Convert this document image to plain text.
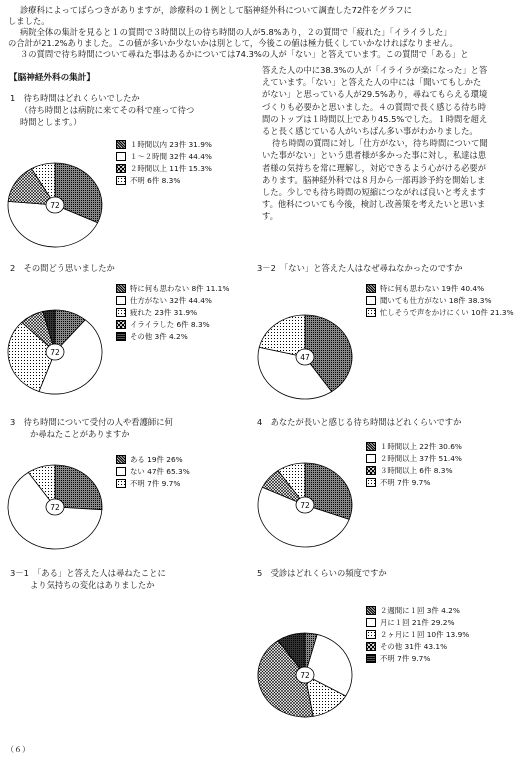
診療科によってばらつきがありますが，診療科の１例として脳神経外科について調査した72件をグラフに
しました。
病院全体の集計を見ると１の質問で３時間以上の待ち時間の人が5.8%あり，２の質問で「疲れた」「イライラした」
の合計が21.2%ありました。この値が多いか少ないかは別として，今後この値は極力低くしていかなければなりません。
３の質問で待ち時間について尋ねた事はあるかについては74.3%の人が「ない」と答えています。この質問で「ある」と
【脳神経外科の集計】
答えた人の中に38.3%の人が「イライラが楽になった」と答
えています。「ない」と答えた人の中には「聞いてもしかた
がない」と思っている人が29.5%あり，尋ねてもらえる環境
づくりも必要かと思いました。４の質問で長く感じる待ち時
間のトップは１時間以上であり45.5%でした。１時間を超え
ると長く感じている人がいちばん多い事がわかりました。
待ち時間の質問に対し「仕方がない，待ち時間について聞
いた事がない」という患者様が多かった事に対し，私達は患
者様の気持ちを常に理解し，対応できるよう心がける必要が
あります。脳神経外科では８月から一部再診予約を開始しま
した。少しでも待ち時間の短縮につながれば良いと考えます
す。他科についても今後，検討し改善策を考えたいと思いま
す。
1　待ち時間はどれくらいでしたか
（待ち時間とは病院に来てその科で座って待つ
時間とします。）
2　その間どう思いましたか	3－2　「ない」と答えた人はなぜ尋ねなかったのですか
3　待ち時間について受付の人や看護師に何
か尋ねたことがありますか
4　あなたが長いと感じる待ち時間はどれくらいですか
3－1　「ある」と答えた人は尋ねたことに
より気持ちの変化はありましたか
5　受診はどれくらいの頻度ですか
72
72
47
72	72
72
１時間以内 23件 31.9%
１～２時間 32件 44.4%
２時間以上 11件 15.3%
不明 6件 8.3%
特に何も思わない 8件 11.1%
仕方がない 32件 44.4%
疲れた 23件 31.9%
イライラした 6件 8.3%
その他 3件 4.2%
特に何も思わない 19件 40.4%
聞いても仕方がない 18件 38.3%
忙しそうで声をかけにくい 10件 21.3%
ある 19件 26%
ない 47件 65.3%
不明 7件 9.7%
１時間以上 22件 30.6%
２時間以上 37件 51.4%
３時間以上 6件 8.3%
不明 7件 9.7%
２週間に１回 3件 4.2%
月に１回 21件 29.2%
２ヶ月に１回 10件 13.9%
その他 31件 43.1%
不明 7件 9.7%
（６）
